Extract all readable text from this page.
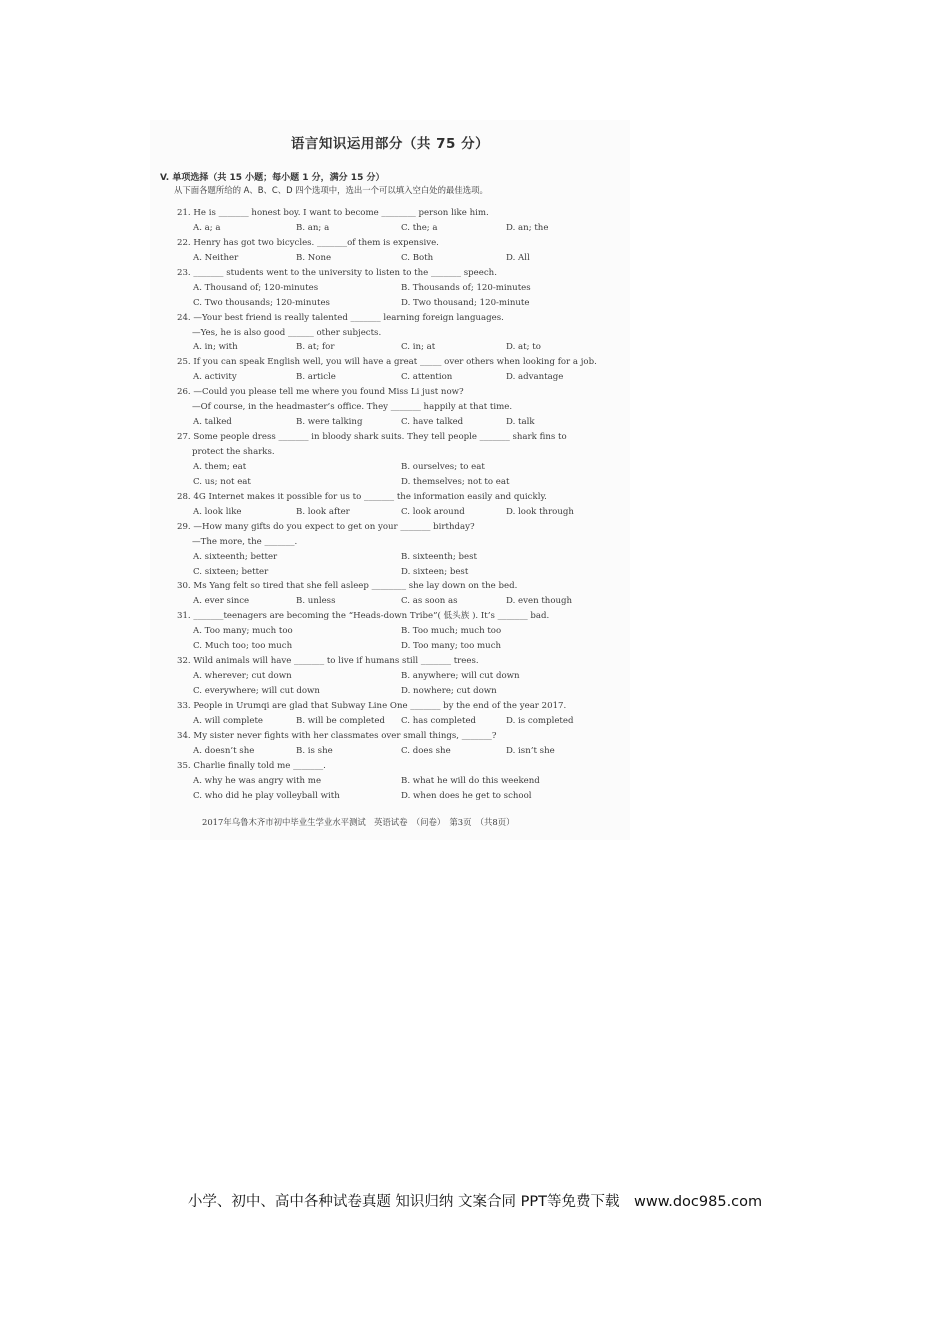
语言知识运用部分（共 75 分）
V. 单项选择（共 15 小题；每小题 1 分，满分 15 分）
从下面各题所给的 A、B、C、D 四个选项中，选出一个可以填入空白处的最佳选项。
21. He is _______ honest boy. I want to become ________ person like him.
A. a; a	B. an; a	C. the; a	D. an; the
22. Henry has got two bicycles. _______of them is expensive.
A. Neither	B. None	C. Both	D. All
23. _______ students went to the university to listen to the _______ speech.
A. Thousand of; 120-minutes	B. Thousands of; 120-minutes
C. Two thousands; 120-minutes	D. Two thousand; 120-minute
24. —Your best friend is really talented _______ learning foreign languages.
—Yes, he is also good ______ other subjects.
A. in; with	B. at; for	C. in; at	D. at; to
25. If you can speak English well, you will have a great _____ over others when looking for a job.
A. activity	B. article	C. attention	D. advantage
26. —Could you please tell me where you found Miss Li just now?
—Of course, in the headmaster’s office. They _______ happily at that time.
A. talked	B. were talking	C. have talked	D. talk
27. Some people dress _______ in bloody shark suits. They tell people _______ shark fins to
protect the sharks.
A. them; eat	B. ourselves; to eat
C. us; not eat	D. themselves; not to eat
28. 4G Internet makes it possible for us to _______ the information easily and quickly.
A. look like	B. look after	C. look around	D. look through
29. —How many gifts do you expect to get on your _______ birthday?
—The more, the _______.
A. sixteenth; better	B. sixteenth; best
C. sixteen; better	D. sixteen; best
30. Ms Yang felt so tired that she fell asleep ________ she lay down on the bed.
A. ever since	B. unless	C. as soon as	D. even though
31. _______teenagers are becoming the “Heads-down Tribe”( 低头族 ). It’s _______ bad.
A. Too many; much too	B. Too much; much too
C. Much too; too much	D. Too many; too much
32. Wild animals will have _______ to live if humans still _______ trees.
A. wherever; cut down	B. anywhere; will cut down
C. everywhere; will cut down	D. nowhere; cut down
33. People in Urumqi are glad that Subway Line One _______ by the end of the year 2017.
A. will complete	B. will be completed C. has completed	D. is completed
34. My sister never fights with her classmates over small things, _______?
A. doesn’t she	B. is she	C. does she	D. isn’t she
35. Charlie finally told me _______.
A. why he was angry with me	B. what he will do this weekend
C. who did he play volleyball with	D. when does he get to school
2017年乌鲁木齐市初中毕业生学业水平测试　英语试卷　（问卷）　第3页　（共8页）
小学、初中、高中各种试卷真题 知识归纳 文案合同 PPT等免费下载　www.doc985.com
